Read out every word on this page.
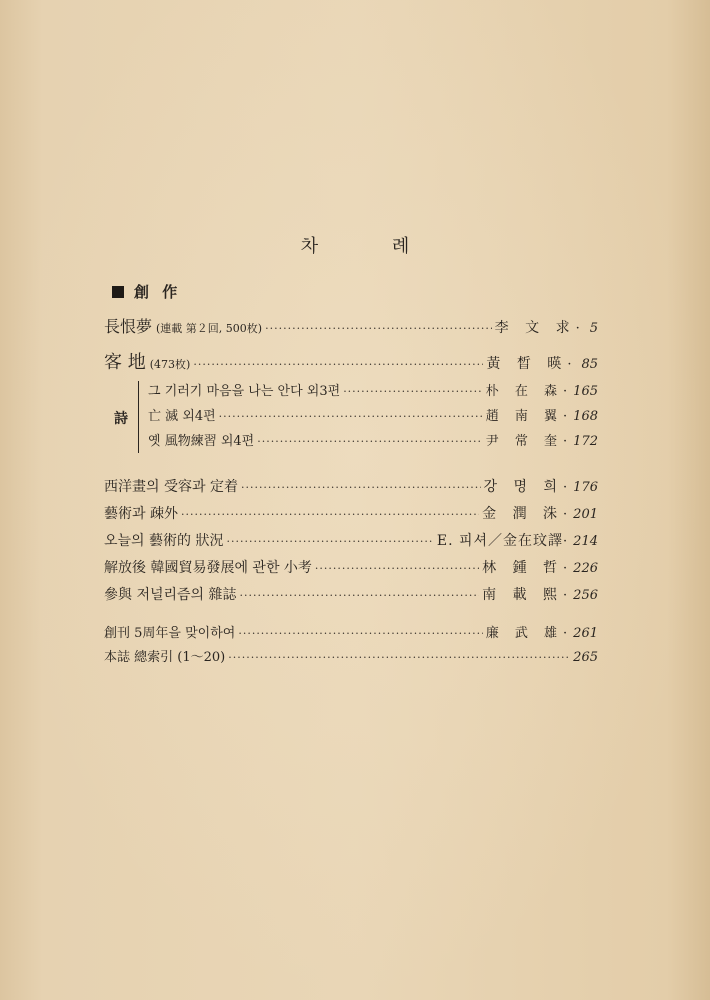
차 례
創 作
長恨夢 (連載 第２回, 500枚) ·····	李 文 求 · 5
客 地 (473枚) ·····	黃 晳 暎 · 85
詩
그 기러기 마음을 나는 안다 외3편 ·····	朴 在 森 · 165
亡 滅 외4편 ·····	趙 南 翼 · 168
옛 風物練習 외4편 ·····	尹 常 奎 · 172
西洋畫의 受容과 定着 ·····	강 명 희 · 176
藝術과 疎外 ·····	金 潤 洙 · 201
오늘의 藝術的 狀況 ·····	E. 피셔／金在玟譯 · 214
解放後 韓國貿易發展에 관한 小考 ·····	林 鍾 哲 · 226
參與 저널리즘의 雜誌 ·····	南 載 熙 · 256
創刊 5周年을 맞이하여 ·····	廉 武 雄 · 261
本誌 總索引 (1～20) ·····	265
